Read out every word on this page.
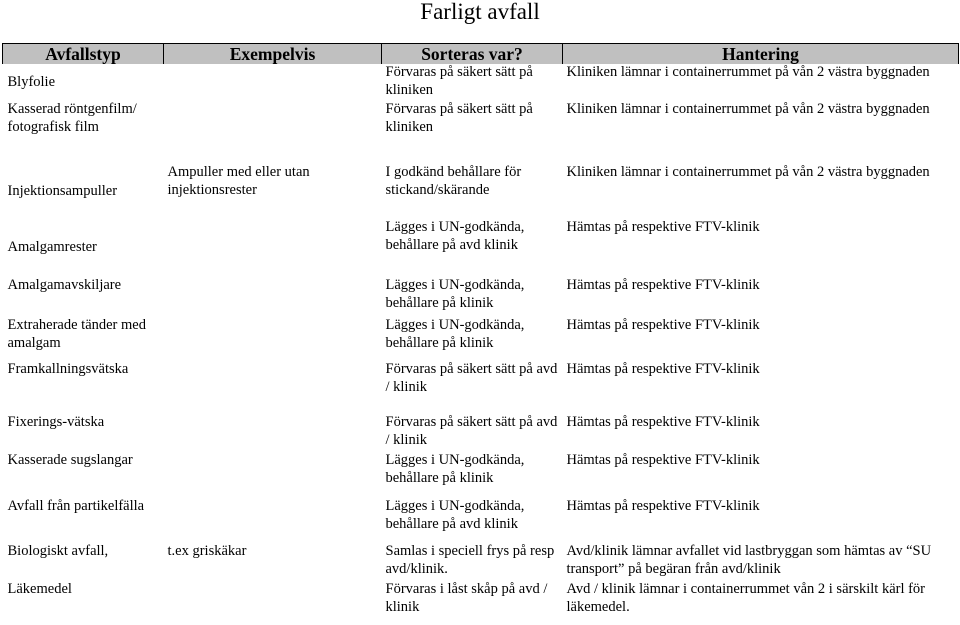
Farligt avfall
Avfallstyp	Exempelvis	Sorteras var?	Hantering
Blyfolie		Förvaras på säkert sätt på kliniken	Kliniken lämnar i containerrummet på vån 2 västra byggnaden
Kasserad röntgenfilm/ fotografisk film		Förvaras på säkert sätt på kliniken	Kliniken lämnar i containerrummet på vån 2 västra byggnaden
Injektionsampuller	Ampuller med eller utan injektionsrester	I godkänd behållare för stickand/skärande	Kliniken lämnar i containerrummet på vån 2 västra byggnaden
Amalgamrester		Lägges i UN-godkända, behållare på avd klinik	Hämtas på respektive FTV-klinik
Amalgamavskiljare		Lägges i UN-godkända, behållare på klinik	Hämtas på respektive FTV-klinik
Extraherade tänder med amalgam		Lägges i UN-godkända, behållare på klinik	Hämtas på respektive FTV-klinik
Framkallningsvätska		Förvaras på säkert sätt på avd / klinik	Hämtas på respektive FTV-klinik
Fixerings-vätska		Förvaras på säkert sätt på avd / klinik	Hämtas på respektive FTV-klinik
Kasserade sugslangar		Lägges i UN-godkända, behållare på klinik	Hämtas på respektive FTV-klinik
Avfall från partikelfälla		Lägges i UN-godkända, behållare på avd klinik	Hämtas på respektive FTV-klinik
Biologiskt avfall,	t.ex griskäkar	Samlas i speciell frys på resp avd/klinik.	Avd/klinik lämnar avfallet vid lastbryggan som hämtas av “SU transport” på begäran från avd/klinik
Läkemedel		Förvaras i låst skåp på avd / klinik	Avd / klinik lämnar i containerrummet vån 2 i särskilt kärl för läkemedel.
